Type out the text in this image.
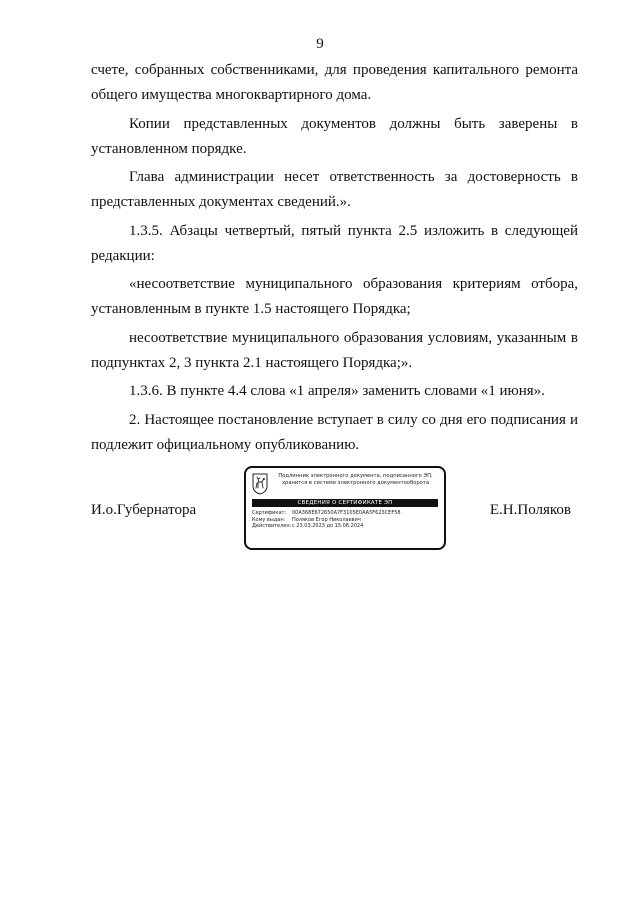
9

счете, собранных собственниками, для проведения капитального ремонта общего имущества многоквартирного дома.

Копии представленных документов должны быть заверены в установленном порядке.

Глава администрации несет ответственность за достоверность в представленных документах сведений.».

1.3.5. Абзацы четвертый, пятый пункта 2.5 изложить в следующей редакции:

«несоответствие муниципального образования критериям отбора, установленным в пункте 1.5 настоящего Порядка;

несоответствие муниципального образования условиям, указанным в подпунктах 2, 3 пункта 2.1 настоящего Порядка;».

1.3.6. В пункте 4.4 слова «1 апреля» заменить словами «1 июня».

2. Настоящее постановление вступает в силу со дня его подписания и подлежит официальному опубликованию.

И.о.Губернатора
Подлинник электронного документа, подписанного ЭП, хранится в системе электронного документооборота
СВЕДЕНИЯ О СЕРТИФИКАТЕ ЭП
Сертификат: 00A368E672650A7F3105E0AA5F623CEF58
Кому выдан: Поляков Егор Николаевич
Действителен:с 23.03.2023 до 15.06.2024
Е.Н.Поляков
